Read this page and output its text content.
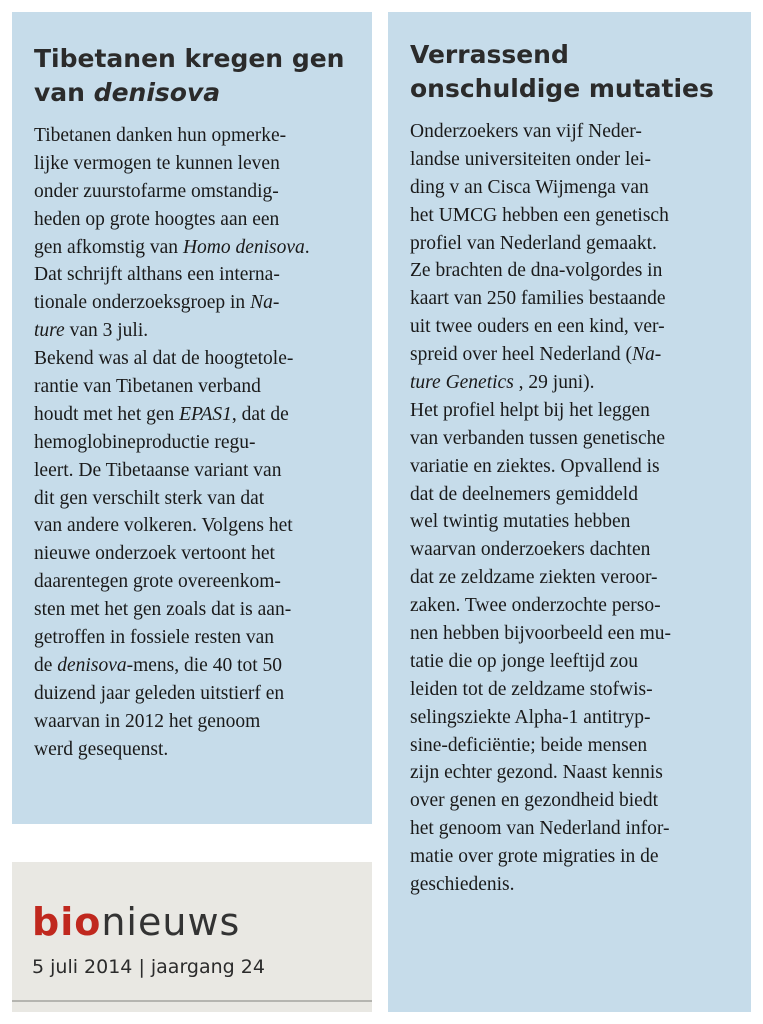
Tibetanen kregen gen
van denisova
Tibetanen danken hun opmerke-
lijke vermogen te kunnen leven
onder zuurstofarme omstandig-
heden op grote hoogtes aan een
gen afkomstig van Homo denisova.
Dat schrijft althans een interna-
tionale onderzoeksgroep in Na-
ture van 3 juli.
Bekend was al dat de hoogtetole-
rantie van Tibetanen verband
houdt met het gen EPAS1, dat de
hemoglobineproductie regu-
leert. De Tibetaanse variant van
dit gen verschilt sterk van dat
van andere volkeren. Volgens het
nieuwe onderzoek vertoont het
daarentegen grote overeenkom-
sten met het gen zoals dat is aan-
getroffen in fossiele resten van
de denisova-mens, die 40 tot 50
duizend jaar geleden uitstierf en
waarvan in 2012 het genoom
werd gesequenst.
Verrassend
onschuldige mutaties
Onderzoekers van vijf Neder-
landse universiteiten onder lei-
ding v an Cisca Wijmenga van
het UMCG hebben een genetisch
profiel van Nederland gemaakt.
Ze brachten de dna-volgordes in
kaart van 250 families bestaande
uit twee ouders en een kind, ver-
spreid over heel Nederland (Na-
ture Genetics , 29 juni).
Het profiel helpt bij het leggen
van verbanden tussen genetische
variatie en ziektes. Opvallend is
dat de deelnemers gemiddeld
wel twintig mutaties hebben
waarvan onderzoekers dachten
dat ze zeldzame ziekten veroor-
zaken. Twee onderzochte perso-
nen hebben bijvoorbeeld een mu-
tatie die op jonge leeftijd zou
leiden tot de zeldzame stofwis-
selingsziekte Alpha-1 antitryp-
sine-deficiëntie; beide mensen
zijn echter gezond. Naast kennis
over genen en gezondheid biedt
het genoom van Nederland infor-
matie over grote migraties in de
geschiedenis.
bionieuws
5 juli 2014 | jaargang 24
